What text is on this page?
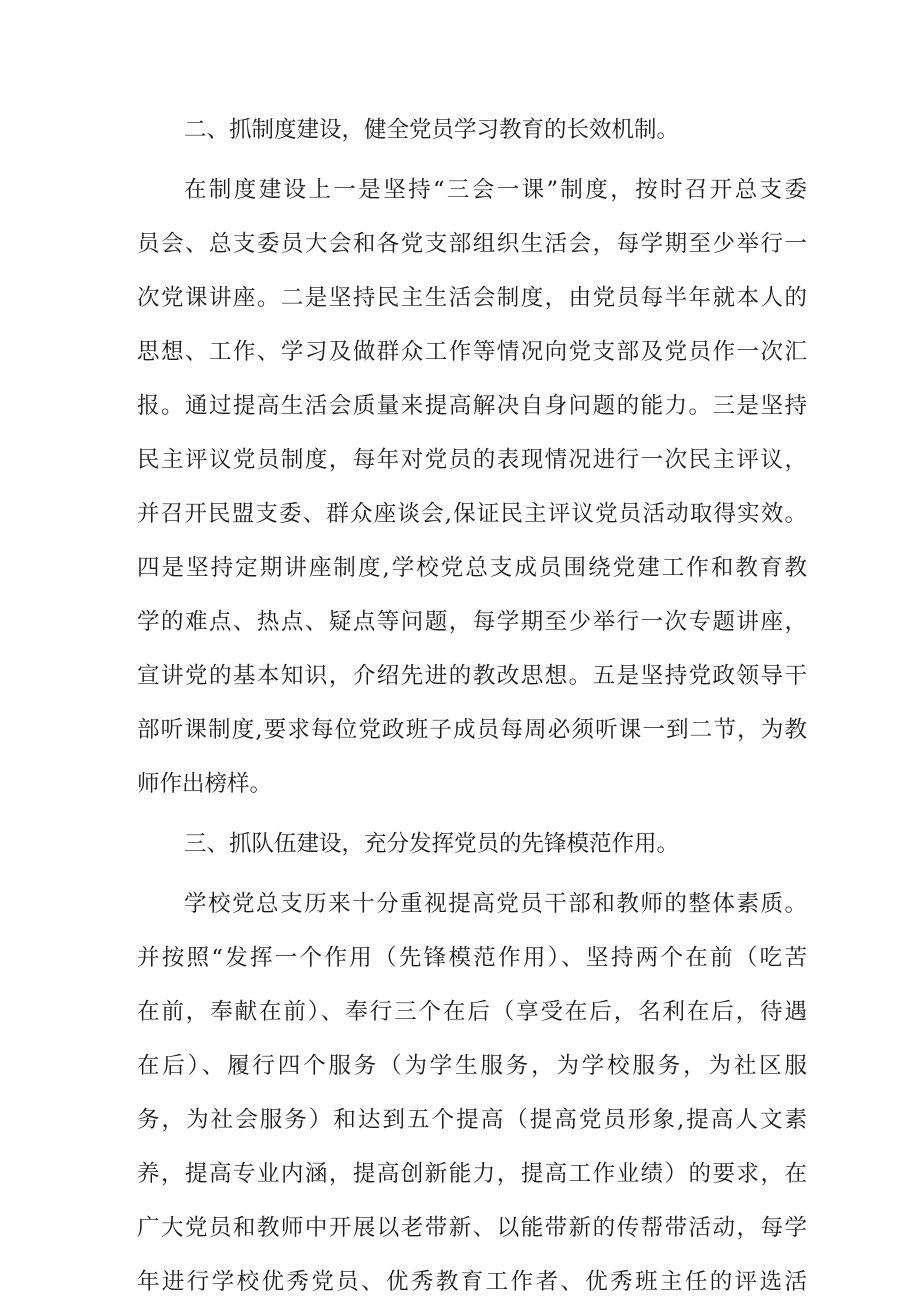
二、抓制度建设，健全党员学习教育的长效机制。

在制度建设上一是坚持“三会一课”制度，按时召开总支委

员会、总支委员大会和各党支部组织生活会，每学期至少举行一

次党课讲座。二是坚持民主生活会制度，由党员每半年就本人的

思想、工作、学习及做群众工作等情况向党支部及党员作一次汇

报。通过提高生活会质量来提高解决自身问题的能力。三是坚持

民主评议党员制度，每年对党员的表现情况进行一次民主评议，

并召开民盟支委、群众座谈会,保证民主评议党员活动取得实效。

四是坚持定期讲座制度,学校党总支成员围绕党建工作和教育教

学的难点、热点、疑点等问题，每学期至少举行一次专题讲座，

宣讲党的基本知识，介绍先进的教改思想。五是坚持党政领导干

部听课制度,要求每位党政班子成员每周必须听课一到二节，为教

师作出榜样。

三、抓队伍建设，充分发挥党员的先锋模范作用。

学校党总支历来十分重视提高党员干部和教师的整体素质。

并按照“发挥一个作用（先锋模范作用）、坚持两个在前（吃苦

在前，奉献在前）、奉行三个在后（享受在后，名利在后，待遇

在后）、履行四个服务（为学生服务，为学校服务，为社区服

务，为社会服务）和达到五个提高（提高党员形象,提高人文素

养，提高专业内涵，提高创新能力，提高工作业绩）的要求，在

广大党员和教师中开展以老带新、以能带新的传帮带活动，每学

年进行学校优秀党员、优秀教育工作者、优秀班主任的评选活
